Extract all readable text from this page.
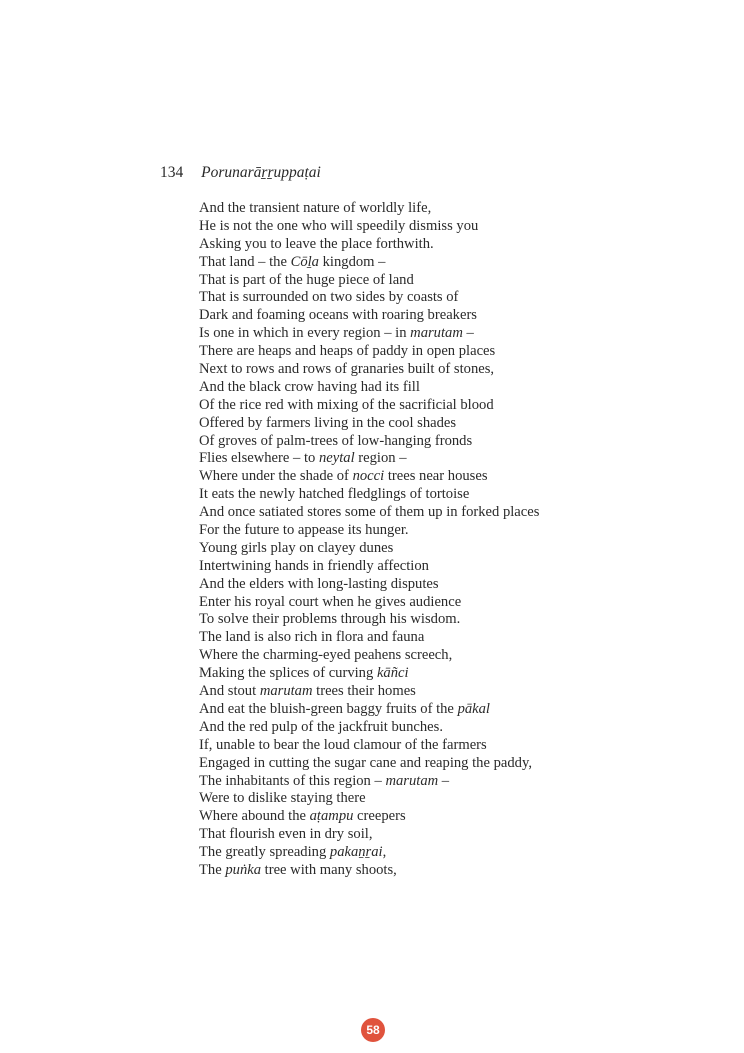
134 Porunarāṟṟuppaṭai
And the transient nature of worldly life,
He is not the one who will speedily dismiss you
Asking you to leave the place forthwith.
That land – the Cōḻa kingdom –
That is part of the huge piece of land
That is surrounded on two sides by coasts of
Dark and foaming oceans with roaring breakers
Is one in which in every region – in marutam –
There are heaps and heaps of paddy in open places
Next to rows and rows of granaries built of stones,
And the black crow having had its fill
Of the rice red with mixing of the sacrificial blood
Offered by farmers living in the cool shades
Of groves of palm-trees of low-hanging fronds
Flies elsewhere – to neytal region –
Where under the shade of nocci trees near houses
It eats the newly hatched fledglings of tortoise
And once satiated stores some of them up in forked places
For the future to appease its hunger.
Young girls play on clayey dunes
Intertwining hands in friendly affection
And the elders with long-lasting disputes
Enter his royal court when he gives audience
To solve their problems through his wisdom.
The land is also rich in flora and fauna
Where the charming-eyed peahens screech,
Making the splices of curving kāñci
And stout marutam trees their homes
And eat the bluish-green baggy fruits of the pākal
And the red pulp of the jackfruit bunches.
If, unable to bear the loud clamour of the farmers
Engaged in cutting the sugar cane and reaping the paddy,
The inhabitants of this region – marutam –
Were to dislike staying there
Where abound the aṭampu creepers
That flourish even in dry soil,
The greatly spreading pakaṉṟai,
The puṅka tree with many shoots,
58
